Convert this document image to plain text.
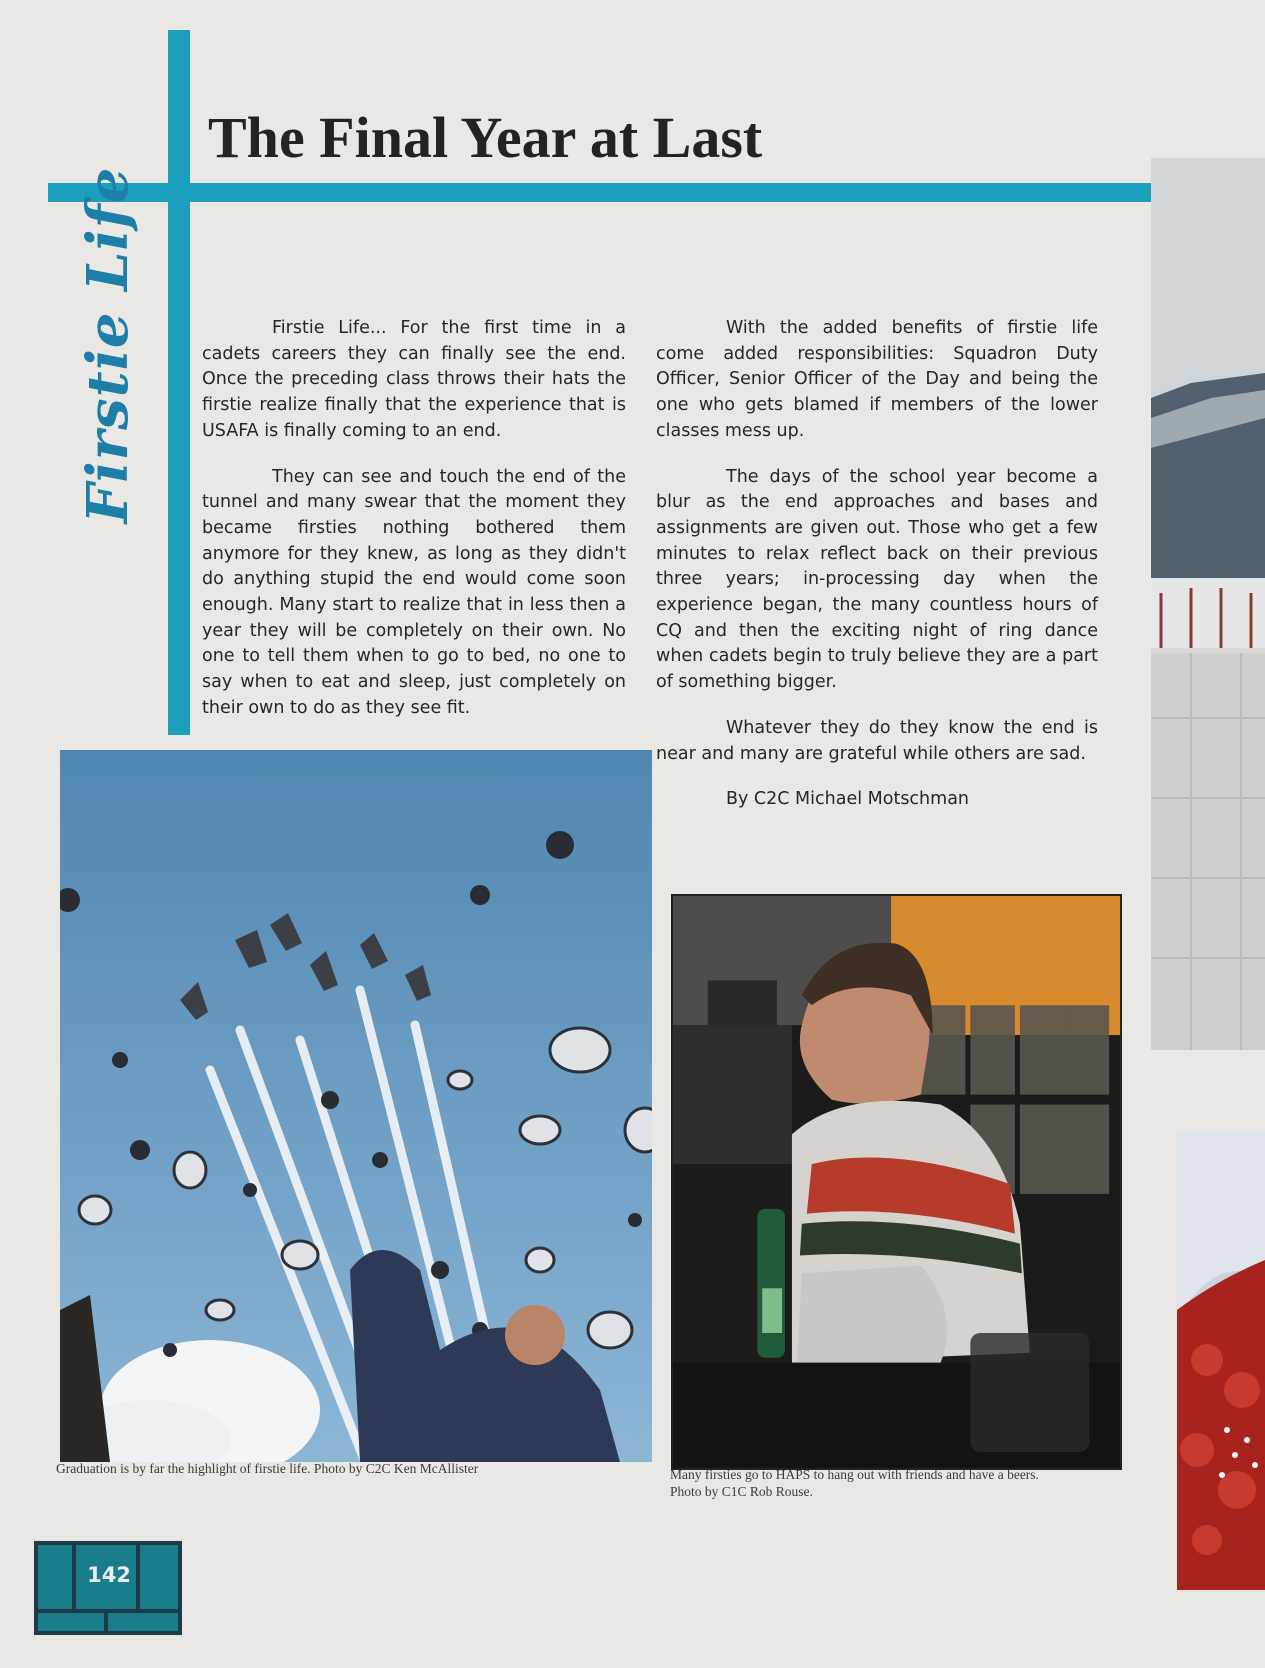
The Final Year at Last
Firstie Life	Firstie Life... For the first time in a cadets careers they can finally see the end. Once the preceding class throws their hats the firstie realize finally that the experience that is USAFA is finally coming to an end.

They can see and touch the end of the tunnel and many swear that the moment they became firsties nothing bothered them anymore for they knew, as long as they didn't do anything stupid the end would come soon enough. Many start to realize that in less then a year they will be completely on their own. No one to tell them when to go to bed, no one to say when to eat and sleep, just completely on their own to do as they see fit.

With the added benefits of firstie life come added responsibilities: Squadron Duty Officer, Senior Officer of the Day and being the one who gets blamed if members of the lower classes mess up.

The days of the school year become a blur as the end approaches and bases and assignments are given out. Those who get a few minutes to relax reflect back on their previous three years; in-processing day when the experience began, the many countless hours of CQ and then the exciting night of ring dance when cadets begin to truly believe they are a part of something bigger.

Whatever they do they know the end is near and many are grateful while others are sad.

By C2C Michael Motschman

Graduation is by far the highlight of firstie life. Photo by C2C Ken McAllister	Many firsties go to HAPS to hang out with friends and have a beers.
Photo by C1C Rob Rouse.
142
